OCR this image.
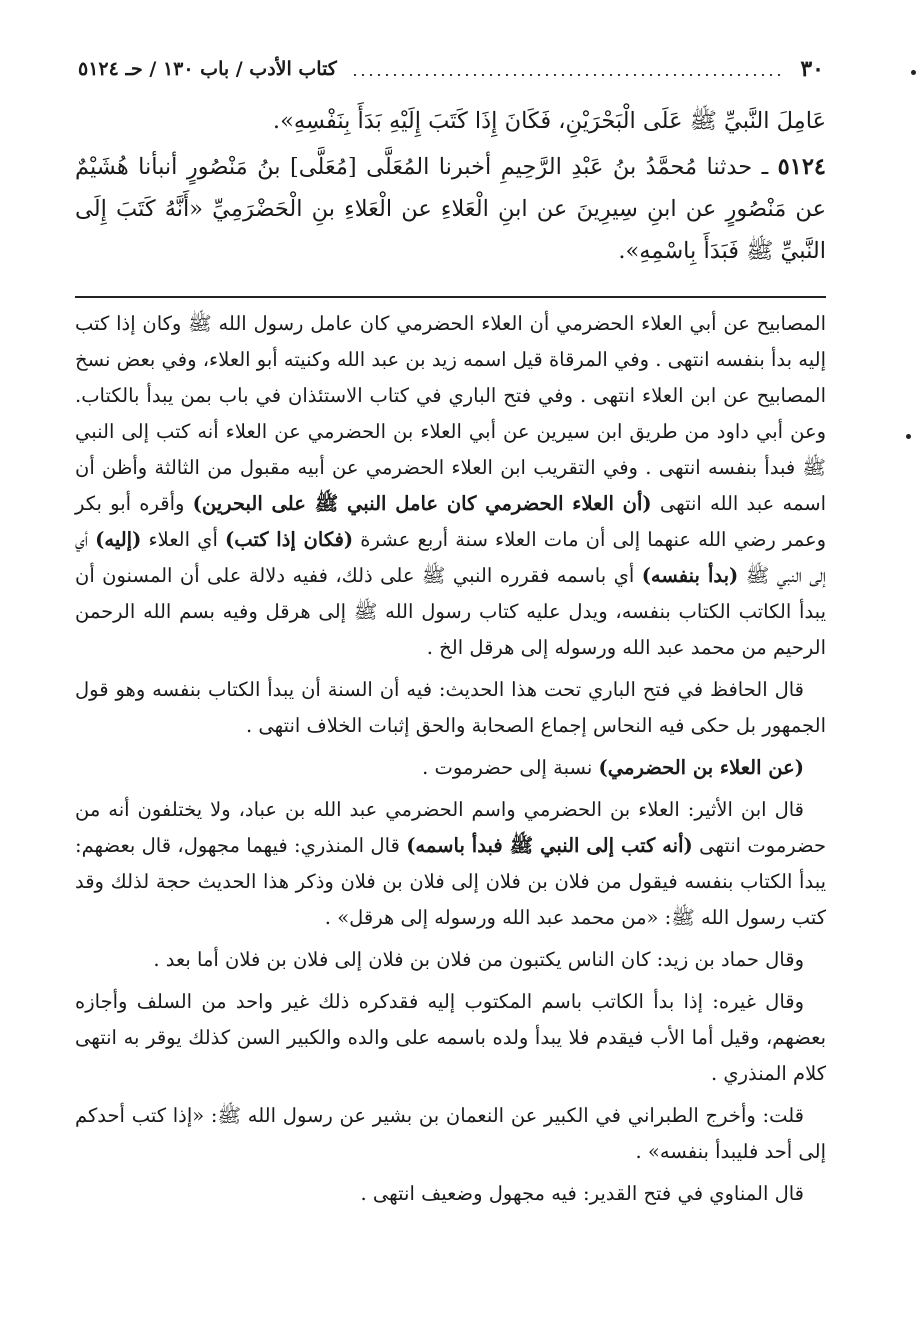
٣٠
كتاب الأدب / باب ١٣٠ / حـ ٥١٢٤

عَامِلَ النَّبيِّ ﷺ عَلَى الْبَحْرَيْنِ، فَكَانَ إِذَا كَتَبَ إِلَيْهِ بَدَأَ بِنَفْسِهِ».

٥١٢٤ ـ حدثنا مُحمَّدُ بنُ عَبْدِ الرَّحِيمِ أخبرنا المُعَلَّى [مُعَلَّى] بنُ مَنْصُورٍ أنبأنا هُشَيْمٌ عن مَنْصُورٍ عن ابنِ سِيرِينَ عن ابنِ الْعَلاءِ عن الْعَلاءِ بنِ الْحَضْرَمِيِّ «أَنَّهُ كَتَبَ إِلَى النَّبيِّ ﷺ فَبَدَأَ بِاسْمِهِ».

المصابيح عن أبي العلاء الحضرمي أن العلاء الحضرمي كان عامل رسول الله ﷺ وكان إذا كتب إليه بدأ بنفسه انتهى . وفي المرقاة قيل اسمه زيد بن عبد الله وكنيته أبو العلاء، وفي بعض نسخ المصابيح عن ابن العلاء انتهى . وفي فتح الباري في كتاب الاستئذان في باب بمن يبدأ بالكتاب. وعن أبي داود من طريق ابن سيرين عن أبي العلاء بن الحضرمي عن العلاء أنه كتب إلى النبي ﷺ فبدأ بنفسه انتهى . وفي التقريب ابن العلاء الحضرمي عن أبيه مقبول من الثالثة وأظن أن اسمه عبد الله انتهى (أن العلاء الحضرمي كان عامل النبي ﷺ على البحرين) وأقره أبو بكر وعمر رضي الله عنهما إلى أن مات العلاء سنة أربع عشرة (فكان إذا كتب) أي العلاء (إليه) أي إلى النبي ﷺ (بدأ بنفسه) أي باسمه فقرره النبي ﷺ على ذلك، ففيه دلالة على أن المسنون أن يبدأ الكاتب الكتاب بنفسه، ويدل عليه كتاب رسول الله ﷺ إلى هرقل وفيه بسم الله الرحمن الرحيم من محمد عبد الله ورسوله إلى هرقل الخ .

قال الحافظ في فتح الباري تحت هذا الحديث: فيه أن السنة أن يبدأ الكتاب بنفسه وهو قول الجمهور بل حكى فيه النحاس إجماع الصحابة والحق إثبات الخلاف انتهى .

(عن العلاء بن الحضرمي) نسبة إلى حضرموت .

قال ابن الأثير: العلاء بن الحضرمي واسم الحضرمي عبد الله بن عباد، ولا يختلفون أنه من حضرموت انتهى (أنه كتب إلى النبي ﷺ فبدأ باسمه) قال المنذري: فيهما مجهول، قال بعضهم: يبدأ الكتاب بنفسه فيقول من فلان بن فلان إلى فلان بن فلان وذكر هذا الحديث حجة لذلك وقد كتب رسول الله ﷺ: «من محمد عبد الله ورسوله إلى هرقل» .

وقال حماد بن زيد: كان الناس يكتبون من فلان بن فلان إلى فلان بن فلان أما بعد .

وقال غيره: إذا بدأ الكاتب باسم المكتوب إليه فقدكره ذلك غير واحد من السلف وأجازه بعضهم، وقيل أما الأب فيقدم فلا يبدأ ولده باسمه على والده والكبير السن كذلك يوقر به انتهى كلام المنذري .

قلت: وأخرج الطبراني في الكبير عن النعمان بن بشير عن رسول الله ﷺ: «إذا كتب أحدكم إلى أحد فليبدأ بنفسه» .

قال المناوي في فتح القدير: فيه مجهول وضعيف انتهى .
